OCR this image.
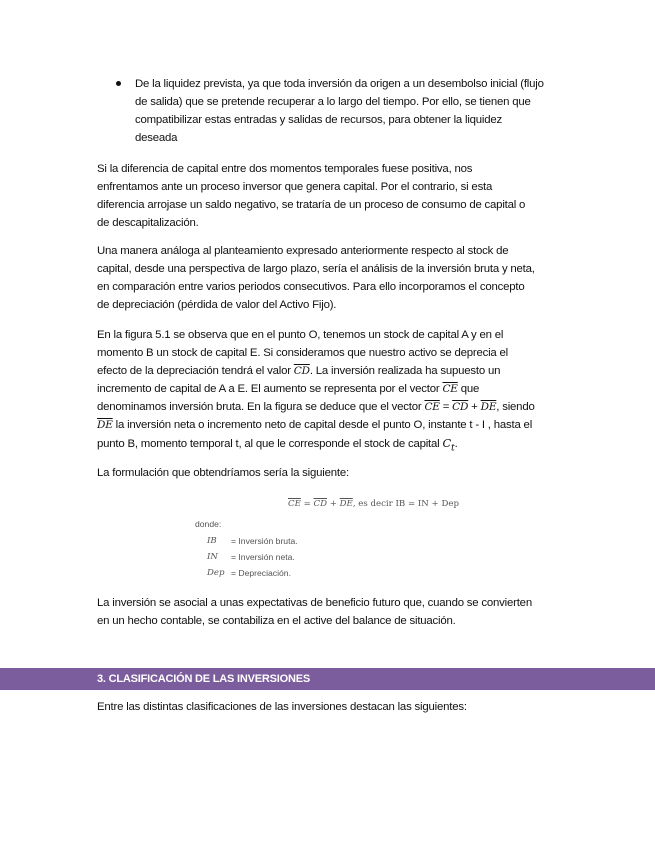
De la liquidez prevista, ya que toda inversión da origen a un desembolso inicial (flujo de salida) que se pretende recuperar a lo largo del tiempo. Por ello, se tienen que compatibilizar estas entradas y salidas de recursos, para obtener la liquidez deseada

Si la diferencia de capital entre dos momentos temporales fuese positiva, nos enfrentamos ante un proceso inversor que genera capital. Por el contrario, si esta diferencia arrojase un saldo negativo, se trataría de un proceso de consumo de capital o de descapitalización.

Una manera análoga al planteamiento expresado anteriormente respecto al stock de capital, desde una perspectiva de largo plazo, sería el análisis de la inversión bruta y neta, en comparación entre varios periodos consecutivos. Para ello incorporamos el concepto de depreciación (pérdida de valor del Activo Fijo).

En la figura 5.1 se observa que en el punto O, tenemos un stock de capital A y en el momento B un stock de capital E. Si consideramos que nuestro activo se deprecia el efecto de la depreciación tendrá el valor $\overline{CD}$. La inversión realizada ha supuesto un incremento de capital de A a E. El aumento se representa por el vector $\overline{CE}$ que denominamos inversión bruta. En la figura se deduce que el vector $\overline{CE} = \overline{CD} + \overline{DE}$, siendo $\overline{DE}$ la inversión neta o incremento neto de capital desde el punto O, instante t - I , hasta el punto B, momento temporal t, al que le corresponde el stock de capital $C_t$.

La formulación que obtendríamos sería la siguiente:

$\overline{CE} = \overline{CD} + \overline{DE}$, es decir IB = IN + Dep
donde:
IB = Inversión bruta.
IN = Inversión neta.
Dep = Depreciación.

La inversión se asocial a unas expectativas de beneficio futuro que, cuando se convierten en un hecho contable, se contabiliza en el active del balance de situación.

3. CLASIFICACIÓN DE LAS INVERSIONES

Entre las distintas clasificaciones de las inversiones destacan las siguientes:
